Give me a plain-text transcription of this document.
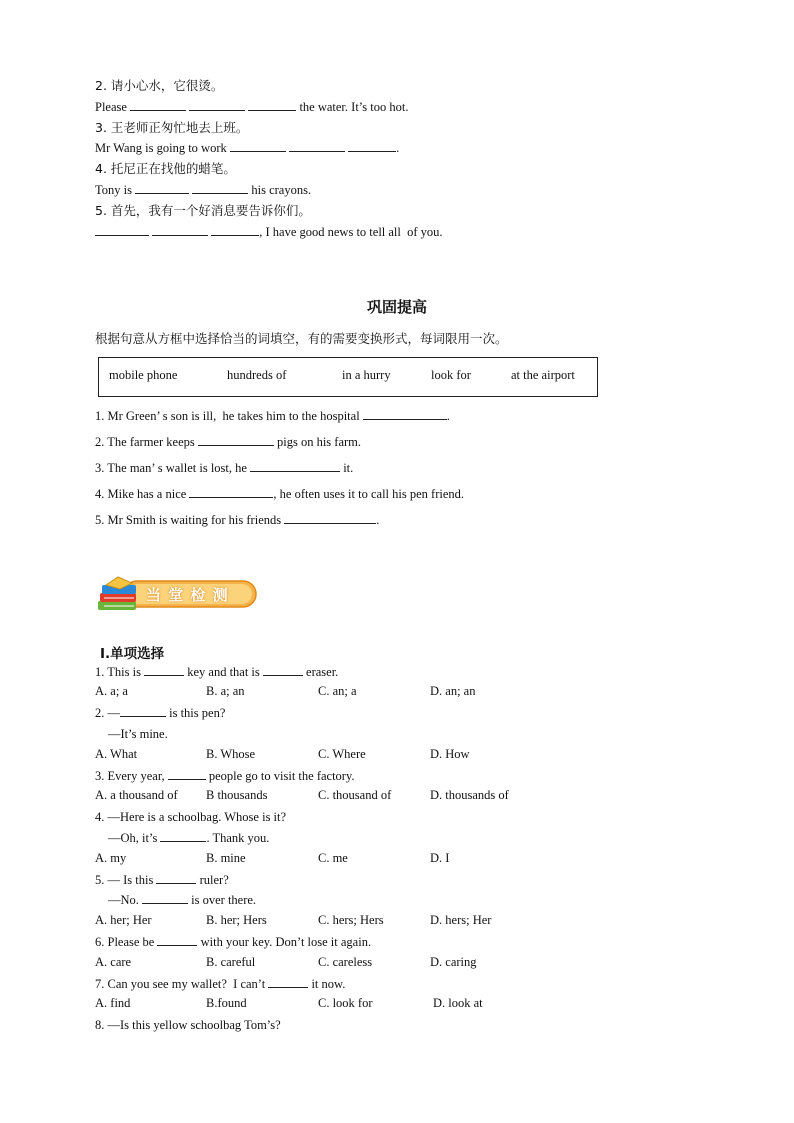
2. 请小心水，它很烫。
Please	the water. It’s too hot.
3. 王老师正匆忙地去上班。
Mr Wang is going to work	.
4. 托尼正在找他的蜡笔。
Tony is	his crayons.
5. 首先，我有一个好消息要告诉你们。
, I have good news to tell all  of you.
巩固提高
根据句意从方框中选择恰当的词填空，有的需要变换形式，每词限用一次。
mobile phone	hundreds of	in a hurry	look for	at the airport
1. Mr Green’ s son is ill,  he takes him to the hospital	.
2. The farmer keeps	pigs on his farm.
3. The man’ s wallet is lost, he	it.
4. Mike has a nice	, he often uses it to call his pen friend.
5. Mr Smith is waiting for his friends	.
当 堂 检 测
Ⅰ.单项选择
1. This is	key and that is	eraser.
A. a; a	B. a; an	C. an; a	D. an; an
2. —	is this pen?
—It’s mine.
A. What	B. Whose	C. Where	D. How
3. Every year,	people go to visit the factory.
A. a thousand of B thousands	C. thousand of	D. thousands of
4. —Here is a schoolbag. Whose is it?
—Oh, it’s	. Thank you.
A. my	B. mine	C. me	D. I
5. — Is this	ruler?
—No.	is over there.
A. her; Her	B. her; Hers	C. hers; Hers	D. hers; Her
6. Please be	with your key. Don’t lose it again.
A. care	B. careful	C. careless	D. caring
7. Can you see my wallet?  I can’t	it now.
A. find	B.found	C. look for	D. look at
8. —Is this yellow schoolbag Tom’s?
